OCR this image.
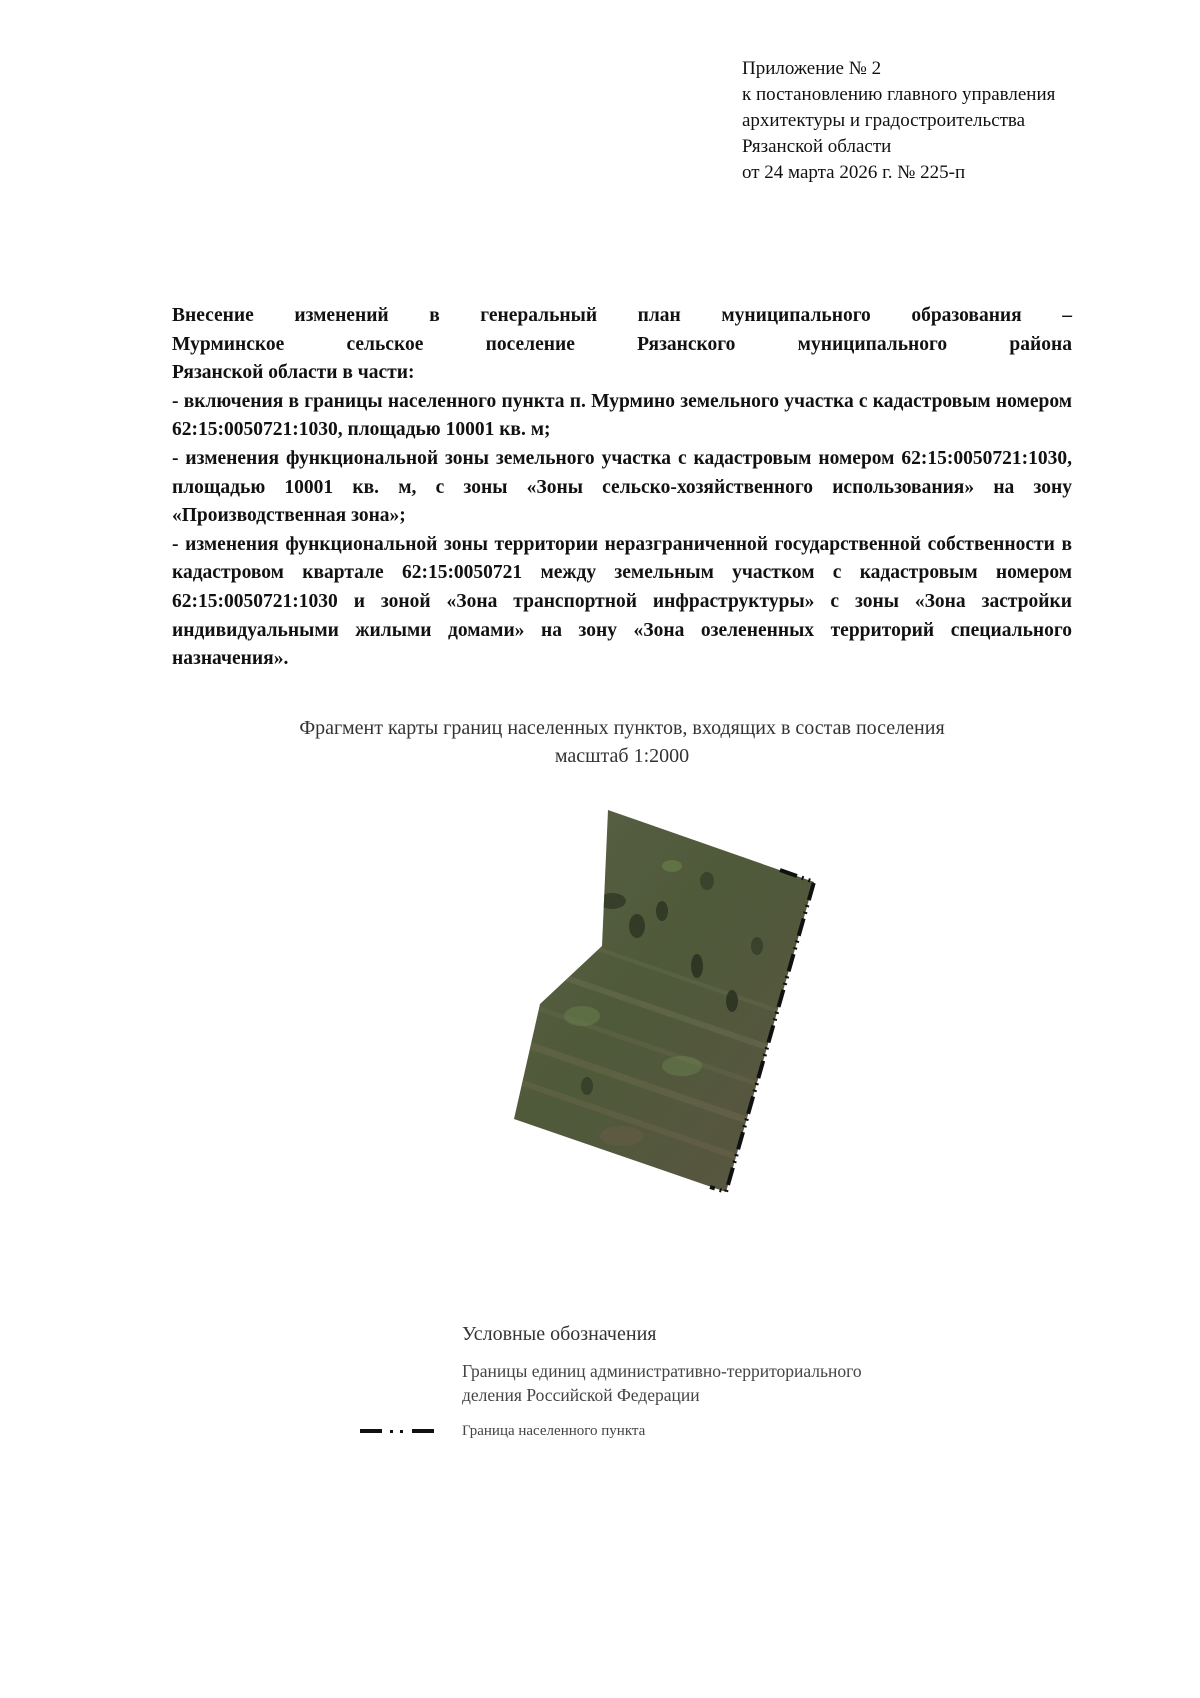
Приложение № 2
к постановлению главного управления
архитектуры и градостроительства
Рязанской области
от 24 марта 2026 г. № 225-п
Внесение изменений в генеральный план муниципального образования –
Мурминское сельское поселение Рязанского муниципального района
Рязанской области в части:
- включения в границы населенного пункта п. Мурмино земельного участка с кадастровым номером 62:15:0050721:1030, площадью 10001 кв. м;
- изменения функциональной зоны земельного участка с кадастровым номером 62:15:0050721:1030, площадью 10001 кв. м, с зоны «Зоны сельско-хозяйственного использования» на зону «Производственная зона»;
- изменения функциональной зоны территории неразграниченной государственной собственности в кадастровом квартале 62:15:0050721 между земельным участком с кадастровым номером 62:15:0050721:1030 и зоной «Зона транспортной инфраструктуры» с зоны «Зона застройки индивидуальными жилыми домами» на зону «Зона озелененных территорий специального назначения».
Фрагмент карты границ населенных пунктов, входящих в состав поселения
масштаб 1:2000
Условные обозначения
Границы единиц административно-территориального
деления Российской Федерации
Граница населенного пункта
